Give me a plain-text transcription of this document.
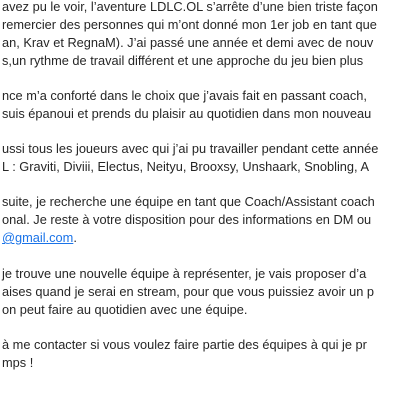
avez pu le voir, l’aventure LDLC.OL s’arrête d’une bien triste façon
remercier des personnes qui m’ont donné mon 1er job en tant que
an, Krav et RegnaM). J’ai passé une année et demi avec de nouv
s,un rythme de travail différent et une approche du jeu bien plus
nce m’a conforté dans le choix que j’avais fait en passant coach,
suis épanoui et prends du plaisir au quotidien dans mon nouveau
ussi tous les joueurs avec qui j’ai pu travailler pendant cette année
L : Graviti, Diviii, Electus, Neityu, Brooxsy, Unshaark, Snobling, A
suite, je recherche une équipe en tant que Coach/Assistant coach
onal. Je reste à votre disposition pour des informations en DM ou
@gmail.com.
je trouve une nouvelle équipe à représenter, je vais proposer d’a
aises quand je serai en stream, pour que vous puissiez avoir un p
on peut faire au quotidien avec une équipe.
à me contacter si vous voulez faire partie des équipes à qui je pr
mps !
